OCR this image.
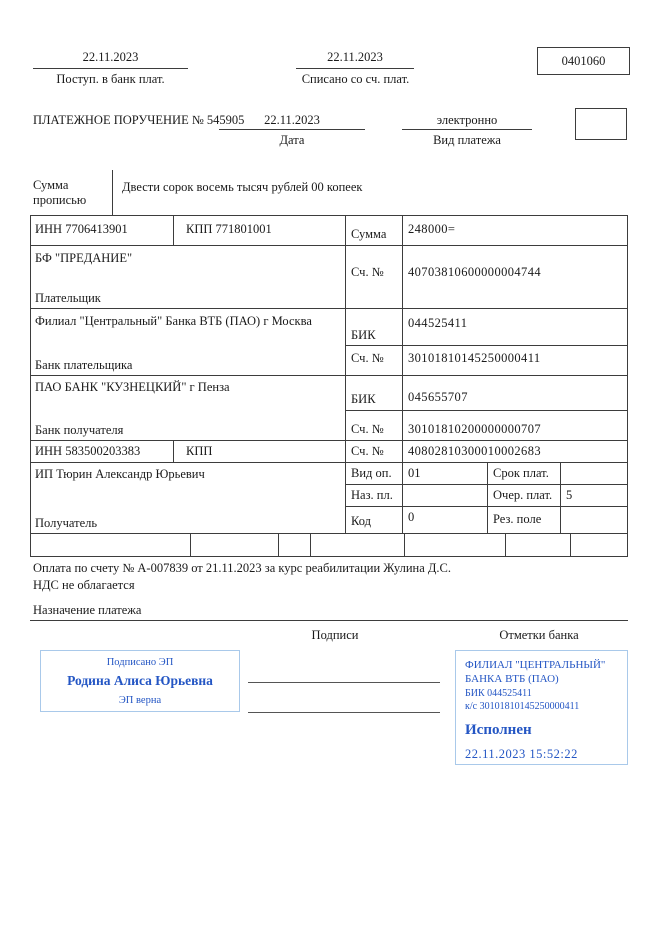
22.11.2023
Поступ. в банк плат.
22.11.2023
Списано со сч. плат.
0401060
ПЛАТЕЖНОЕ ПОРУЧЕНИЕ № 545905	22.11.2023
Дата
электронно
Вид платежа
Сумма прописью
Двести сорок восемь тысяч рублей 00 копеек
ИНН 7706413901	КПП 771801001	Сумма 248000=
БФ "ПРЕДАНИЕ"
Плательщик
Сч. № 40703810600000004744
Филиал "Центральный" Банка ВТБ (ПАО) г Москва
БИК
044525411
Сч. № 30101810145250000411
Банк плательщика
ПАО БАНК "КУЗНЕЦКИЙ" г Пенза
БИК	045655707
Сч. № 30101810200000000707
Банк получателя
ИНН 583500203383	КПП	Сч. № 40802810300010002683
ИП Тюрин Александр Юрьевич
Получатель
Вид оп. 01	Срок плат.
Наз. пл.	Очер. плат. 5
Код	0	Рез. поле
Оплата по счету № А-007839 от 21.11.2023 за курс реабилитации Жулина Д.С.
НДС не облагается
Назначение платежа
Подписи	Отметки банка
Подписано ЭП
Родина Алиса Юрьевна
ЭП верна
ФИЛИАЛ "ЦЕНТРАЛЬНЫЙ" БАНКА ВТБ (ПАО)
БИК 044525411
к/с 30101810145250000411
Исполнен
22.11.2023 15:52:22
